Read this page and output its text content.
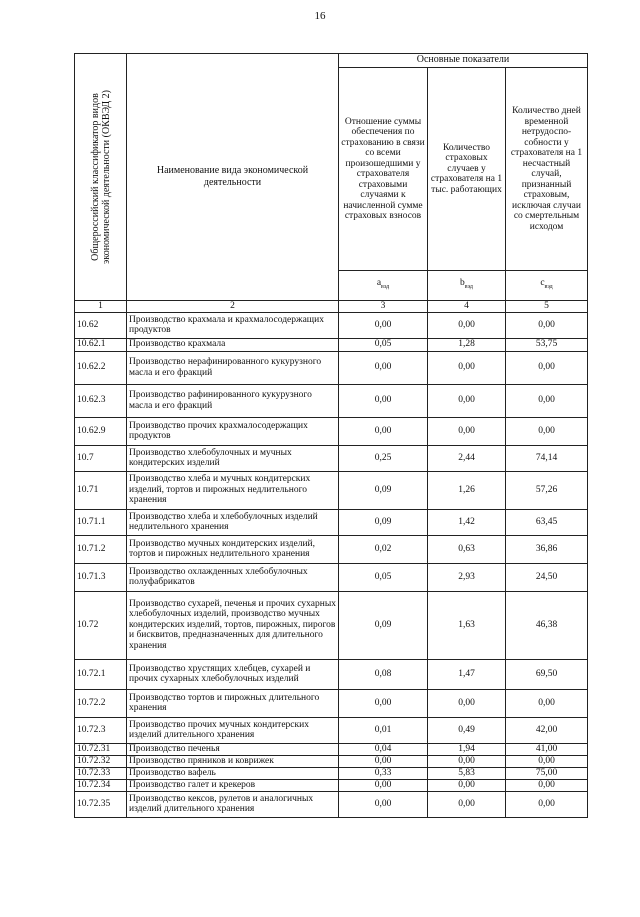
16
Общероссийский классификатор видов экономической деятельности (ОКВЭД 2)	Наименование вида экономической деятельности	Основные показатели		
		Отношение суммы обеспечения по страхованию в связи со всеми произошедшими у страхователя страховыми случаями к начисленной сумме страховых взносов	Количество страховых случаев у страхователя на 1 тыс. работающих	Количество дней временной нетрудоспо-собности у страхователя на 1 несчастный случай, признанный страховым, исключая случаи со смертельным исходом
		$a_{вэд}$	$b_{вэд}$	$c_{вэд}$
1	2	3	4	5
10.62	Производство крахмала и крахмалосодержащих продуктов	0,00	0,00	0,00
10.62.1	Производство крахмала	0,05	1,28	53,75
10.62.2	Производство нерафинированного кукурузного масла и его фракций	0,00	0,00	0,00
10.62.3	Производство рафинированного кукурузного масла и его фракций	0,00	0,00	0,00
10.62.9	Производство прочих крахмалосодержащих продуктов	0,00	0,00	0,00
10.7	Производство хлебобулочных и мучных кондитерских изделий	0,25	2,44	74,14
10.71	Производство хлеба и мучных кондитерских изделий, тортов и пирожных недлительного хранения	0,09	1,26	57,26
10.71.1	Производство хлеба и хлебобулочных изделий недлительного хранения	0,09	1,42	63,45
10.71.2	Производство мучных кондитерских изделий, тортов и пирожных недлительного хранения	0,02	0,63	36,86
10.71.3	Производство охлажденных хлебобулочных полуфабрикатов	0,05	2,93	24,50
10.72	Производство сухарей, печенья и прочих сухарных хлебобулочных изделий, производство мучных кондитерских изделий, тортов, пирожных, пирогов и бисквитов, предназначенных для длительного хранения	0,09	1,63	46,38
10.72.1	Производство хрустящих хлебцев, сухарей и прочих сухарных хлебобулочных изделий	0,08	1,47	69,50
10.72.2	Производство тортов и пирожных длительного хранения	0,00	0,00	0,00
10.72.3	Производство прочих мучных кондитерских изделий длительного хранения	0,01	0,49	42,00
10.72.31	Производство печенья	0,04	1,94	41,00
10.72.32	Производство пряников и коврижек	0,00	0,00	0,00
10.72.33	Производство вафель	0,33	5,83	75,00
10.72.34	Производство галет и крекеров	0,00	0,00	0,00
10.72.35	Производство кексов, рулетов и аналогичных изделий длительного хранения	0,00	0,00	0,00
